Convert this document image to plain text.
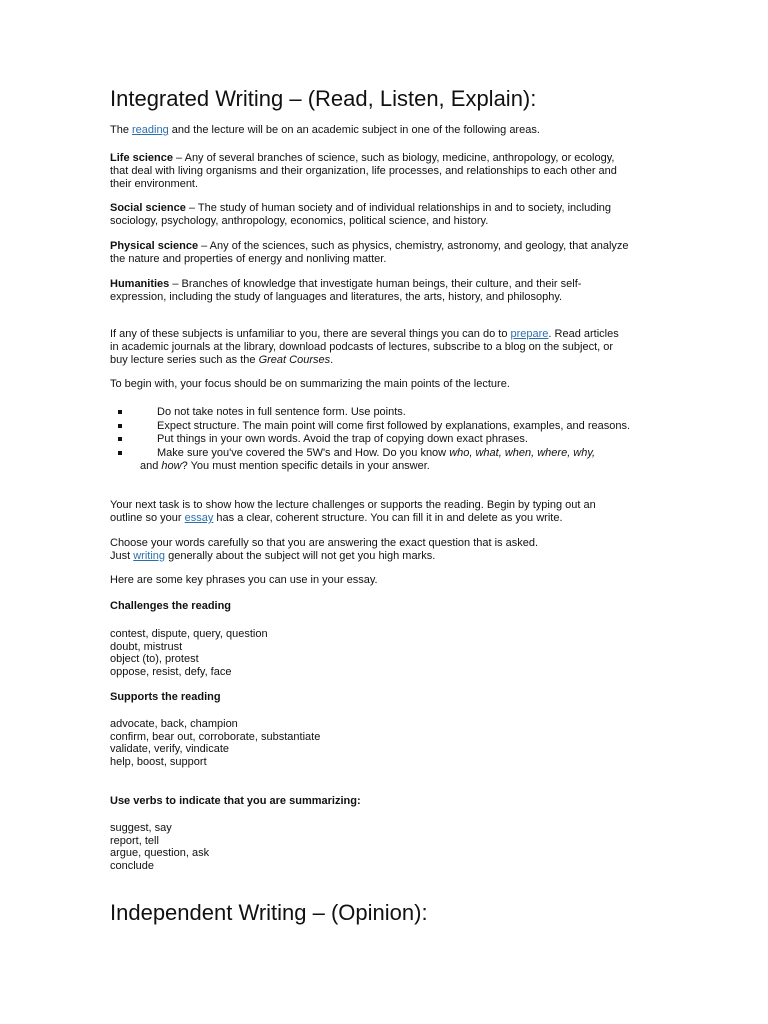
Integrated Writing – (Read, Listen, Explain):
The reading and the lecture will be on an academic subject in one of the following areas.
Life science – Any of several branches of science, such as biology, medicine, anthropology, or ecology,
that deal with living organisms and their organization, life processes, and relationships to each other and
their environment.
Social science – The study of human society and of individual relationships in and to society, including
sociology, psychology, anthropology, economics, political science, and history.
Physical science – Any of the sciences, such as physics, chemistry, astronomy, and geology, that analyze
the nature and properties of energy and nonliving matter.
Humanities – Branches of knowledge that investigate human beings, their culture, and their self-
expression, including the study of languages and literatures, the arts, history, and philosophy.
If any of these subjects is unfamiliar to you, there are several things you can do to prepare. Read articles
in academic journals at the library, download podcasts of lectures, subscribe to a blog on the subject, or
buy lecture series such as the Great Courses.
To begin with, your focus should be on summarizing the main points of the lecture.
Do not take notes in full sentence form. Use points.
Expect structure. The main point will come first followed by explanations, examples, and reasons.
Put things in your own words. Avoid the trap of copying down exact phrases.
Make sure you've covered the 5W's and How. Do you know who, what, when, where, why,
and how? You must mention specific details in your answer.
Your next task is to show how the lecture challenges or supports the reading. Begin by typing out an
outline so your essay has a clear, coherent structure. You can fill it in and delete as you write.
Choose your words carefully so that you are answering the exact question that is asked.
Just writing generally about the subject will not get you high marks.
Here are some key phrases you can use in your essay.
Challenges the reading
contest, dispute, query, question
doubt, mistrust
object (to), protest
oppose, resist, defy, face
Supports the reading
advocate, back, champion
confirm, bear out, corroborate, substantiate
validate, verify, vindicate
help, boost, support
Use verbs to indicate that you are summarizing:
suggest, say
report, tell
argue, question, ask
conclude
Independent Writing – (Opinion):
